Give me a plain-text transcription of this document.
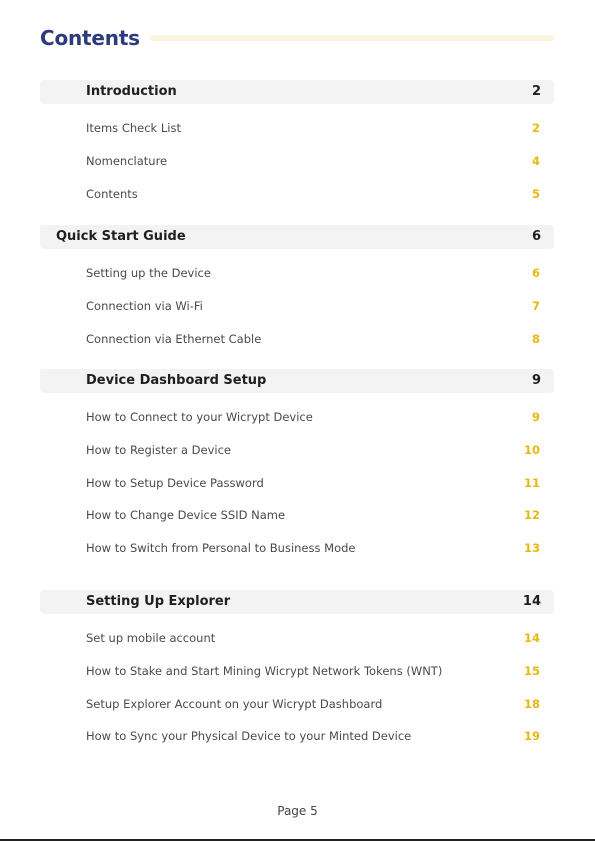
Contents
Introduction	2
Items Check List	2
Nomenclature	4
Contents	5
Quick Start Guide	6
Setting up the Device	6
Connection via Wi-Fi	7
Connection via Ethernet Cable	8
Device Dashboard Setup	9
How to Connect to your Wicrypt Device	9
How to Register a Device	10
How to Setup Device Password	11
How to Change Device SSID Name	12
How to Switch from Personal to Business Mode	13
Setting Up Explorer	14
Set up mobile account	14
How to Stake and Start Mining Wicrypt Network Tokens (WNT)	15
Setup Explorer Account on your Wicrypt Dashboard	18
How to Sync your Physical Device to your Minted Device	19
Page 5
